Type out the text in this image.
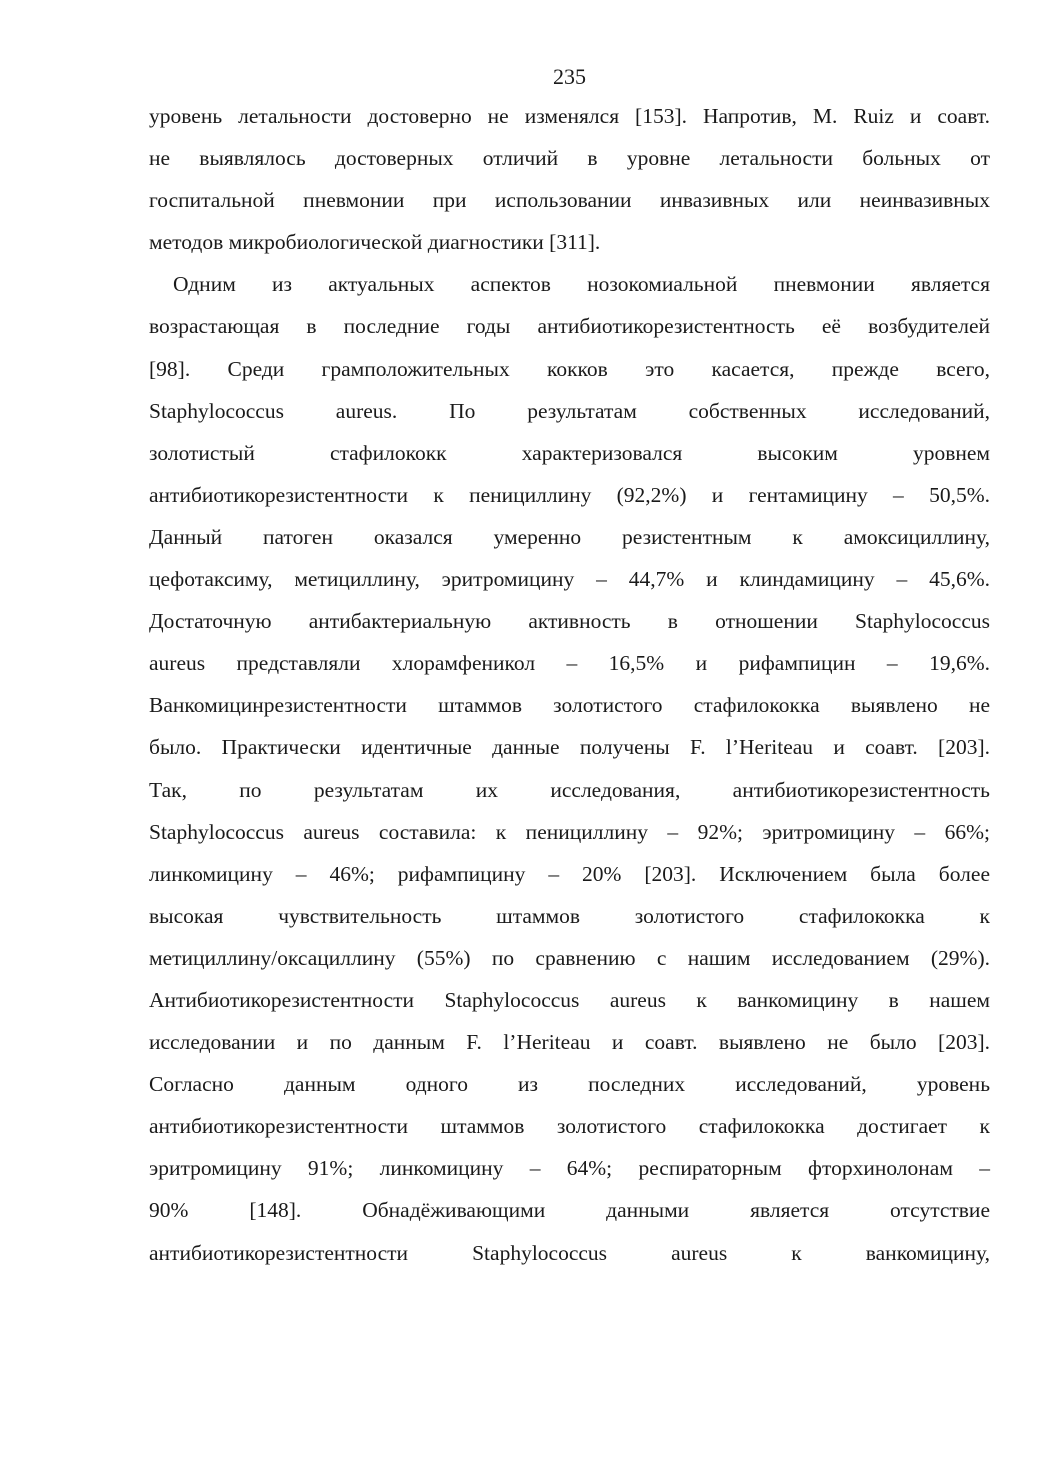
235
уровень летальности достоверно не изменялся [153]. Напротив, M. Ruiz и соавт.
не выявлялось достоверных отличий в уровне летальности больных от
госпитальной пневмонии при использовании инвазивных или неинвазивных
методов микробиологической диагностики [311].
Одним из актуальных аспектов нозокомиальной пневмонии является
возрастающая в последние годы антибиотикорезистентность её возбудителей
[98]. Среди грамположительных кокков это касается, прежде всего,
Staphylococcus aureus. По результатам собственных исследований,
золотистый стафилококк характеризовался высоким уровнем
антибиотикорезистентности к пенициллину (92,2%) и гентамицину – 50,5%.
Данный патоген оказался умеренно резистентным к амоксициллину,
цефотаксиму, метициллину, эритромицину – 44,7% и клиндамицину – 45,6%.
Достаточную антибактериальную активность в отношении Staphylococcus
aureus представляли хлорамфеникол – 16,5% и рифампицин – 19,6%.
Ванкомицинрезистентности штаммов золотистого стафилококка выявлено не
было. Практически идентичные данные получены F. l’Heriteau и соавт. [203].
Так, по результатам их исследования, антибиотикорезистентность
Staphylococcus aureus составила: к пенициллину – 92%; эритромицину – 66%;
линкомицину – 46%; рифампицину – 20% [203]. Исключением была более
высокая чувствительность штаммов золотистого стафилококка к
метициллину/оксациллину (55%) по сравнению с нашим исследованием (29%).
Антибиотикорезистентности Staphylococcus aureus к ванкомицину в нашем
исследовании и по данным F. l’Heriteau и соавт. выявлено не было [203].
Согласно данным одного из последних исследований, уровень
антибиотикорезистентности штаммов золотистого стафилококка достигает к
эритромицину 91%; линкомицину – 64%; респираторным фторхинолонам –
90% [148]. Обнадёживающими данными является отсутствие
антибиотикорезистентности Staphylococcus aureus к ванкомицину,
